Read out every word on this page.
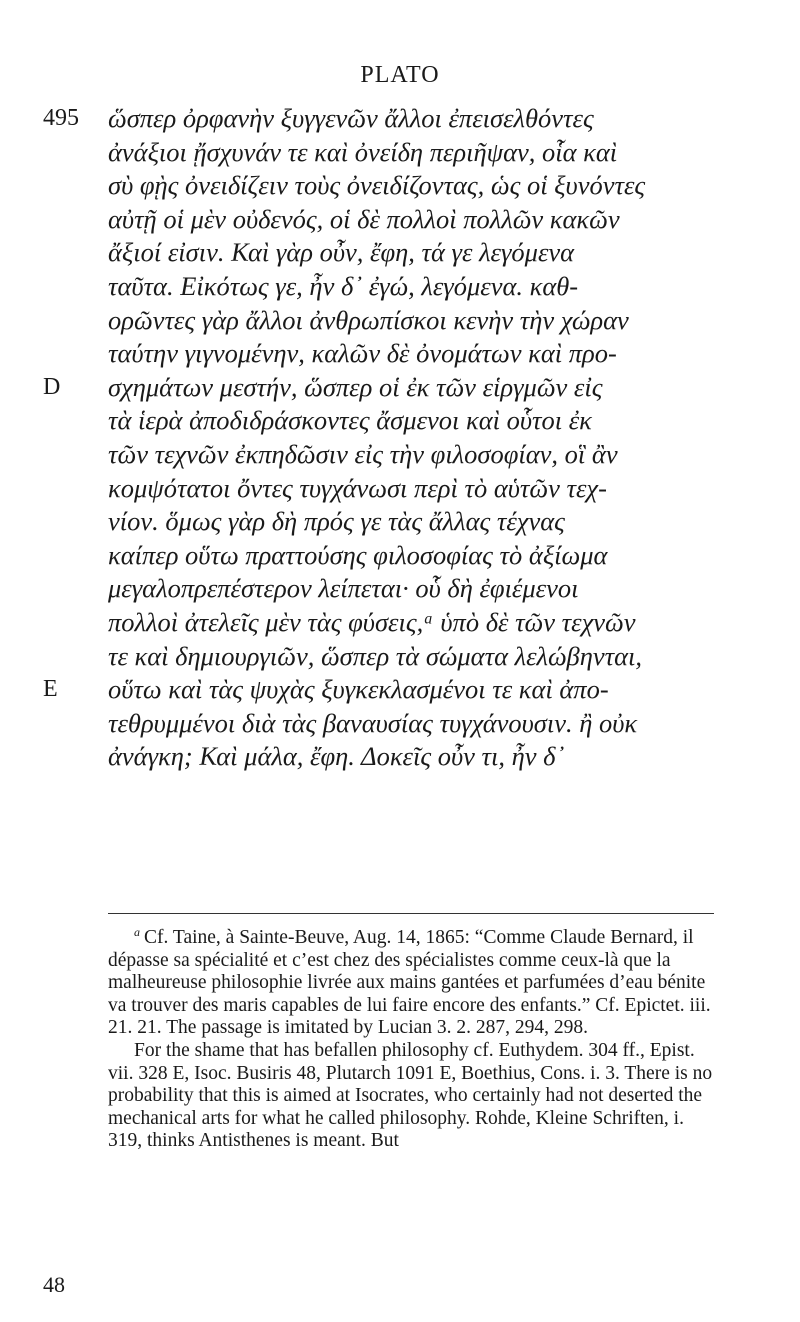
PLATO
495 ὥσπερ ὀρφανὴν ξυγγενῶν ἄλλοι ἐπεισελθόντες
ἀνάξιοι ᾔσχυνάν τε καὶ ὀνείδη περιῆψαν, οἷα καὶ
σὺ φῂς ὀνειδίζειν τοὺς ὀνειδίζοντας, ὡς οἱ ξυνόντες
αὐτῇ οἱ μὲν οὐδενός, οἱ δὲ πολλοὶ πολλῶν κακῶν
ἄξιοί εἰσιν. Καὶ γὰρ οὖν, ἔφη, τά γε λεγόμενα
ταῦτα. Εἰκότως γε, ἦν δ᾽ ἐγώ, λεγόμενα. καθ-
ορῶντες γὰρ ἄλλοι ἀνθρωπίσκοι κενὴν τὴν χώραν
ταύτην γιγνομένην, καλῶν δὲ ὀνομάτων καὶ προ-
D σχημάτων μεστήν, ὥσπερ οἱ ἐκ τῶν εἱργμῶν εἰς
τὰ ἱερὰ ἀποδιδράσκοντες ἄσμενοι καὶ οὗτοι ἐκ
τῶν τεχνῶν ἐκπηδῶσιν εἰς τὴν φιλοσοφίαν, οἳ ἂν
κομψότατοι ὄντες τυγχάνωσι περὶ τὸ αὑτῶν τεχ-
νίον. ὅμως γὰρ δὴ πρός γε τὰς ἄλλας τέχνας
καίπερ οὕτω πραττούσης φιλοσοφίας τὸ ἀξίωμα
μεγαλοπρεπέστερον λείπεται· οὗ δὴ ἐφιέμενοι
πολλοὶ ἀτελεῖς μὲν τὰς φύσεις,ᵃ ὑπὸ δὲ τῶν τεχνῶν
τε καὶ δημιουργιῶν, ὥσπερ τὰ σώματα λελώβηνται,
E οὕτω καὶ τὰς ψυχὰς ξυγκεκλασμένοι τε καὶ ἀπο-
τεθρυμμένοι διὰ τὰς βαναυσίας τυγχάνουσιν. ἢ οὐκ
ἀνάγκη; Καὶ μάλα, ἔφη. Δοκεῖς οὖν τι, ἦν δ᾽

$^a$ Cf. Taine, à Sainte-Beuve, Aug. 14, 1865: “Comme Claude Bernard, il dépasse sa spécialité et c’est chez des spécialistes comme ceux-là que la malheureuse philosophie livrée aux mains gantées et parfumées d’eau bénite va trouver des maris capables de lui faire encore des enfants.” Cf. Epictet. iii. 21. 21. The passage is imitated by Lucian 3. 2. 287, 294, 298.

For the shame that has befallen philosophy cf. Euthydem. 304 ff., Epist. vii. 328 E, Isoc. Busiris 48, Plutarch 1091 E, Boethius, Cons. i. 3. There is no probability that this is aimed at Isocrates, who certainly had not deserted the mechanical arts for what he called philosophy. Rohde, Kleine Schriften, i. 319, thinks Antisthenes is meant. But

48
